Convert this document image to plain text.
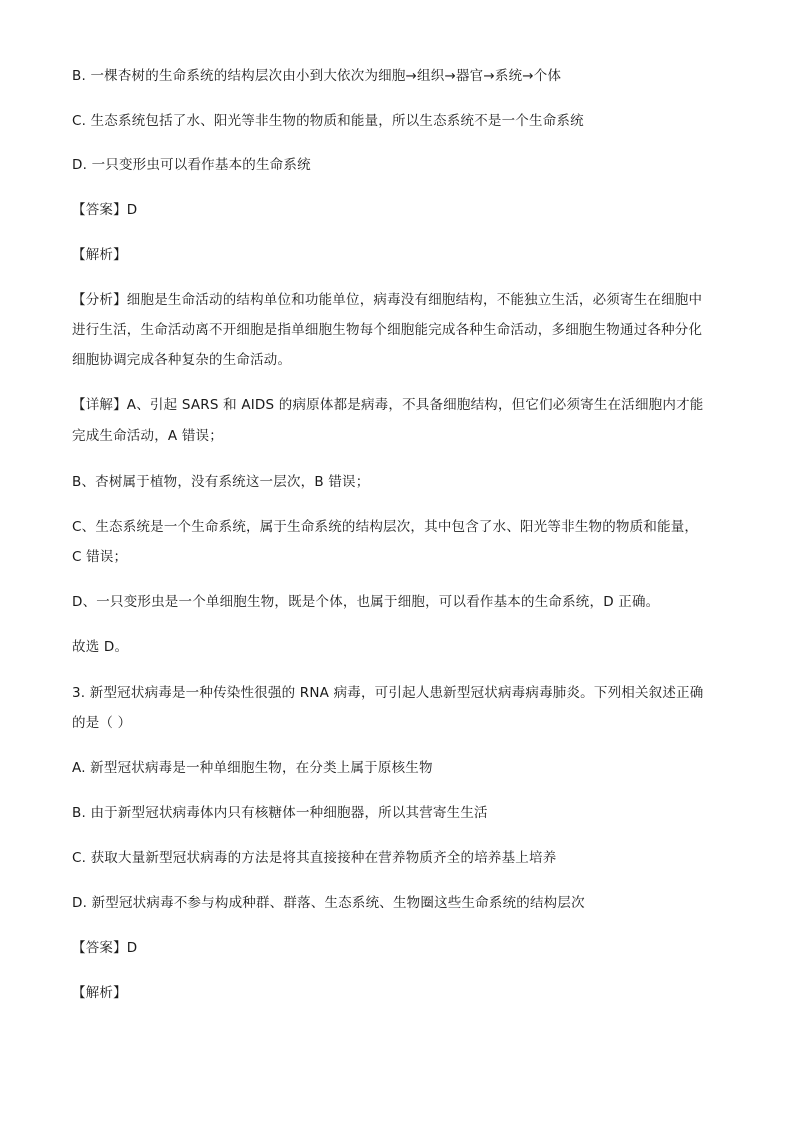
B. 一棵杏树的生命系统的结构层次由小到大依次为细胞→组织→器官→系统→个体
C. 生态系统包括了水、阳光等非生物的物质和能量，所以生态系统不是一个生命系统
D. 一只变形虫可以看作基本的生命系统
【答案】D
【解析】
【分析】细胞是生命活动的结构单位和功能单位，病毒没有细胞结构，不能独立生活，必须寄生在细胞中
进行生活，生命活动离不开细胞是指单细胞生物每个细胞能完成各种生命活动，多细胞生物通过各种分化
细胞协调完成各种复杂的生命活动。
【详解】A、引起 SARS 和 AIDS 的病原体都是病毒，不具备细胞结构，但它们必须寄生在活细胞内才能
完成生命活动，A 错误；
B、杏树属于植物，没有系统这一层次，B 错误；
C、生态系统是一个生命系统，属于生命系统的结构层次，其中包含了水、阳光等非生物的物质和能量，
C 错误；
D、一只变形虫是一个单细胞生物，既是个体，也属于细胞，可以看作基本的生命系统，D 正确。
故选 D。
3. 新型冠状病毒是一种传染性很强的 RNA 病毒，可引起人患新型冠状病毒病毒肺炎。下列相关叙述正确
的是（ ）
A. 新型冠状病毒是一种单细胞生物，在分类上属于原核生物
B. 由于新型冠状病毒体内只有核糖体一种细胞器，所以其营寄生生活
C. 获取大量新型冠状病毒的方法是将其直接接种在营养物质齐全的培养基上培养
D. 新型冠状病毒不参与构成种群、群落、生态系统、生物圈这些生命系统的结构层次
【答案】D
【解析】
